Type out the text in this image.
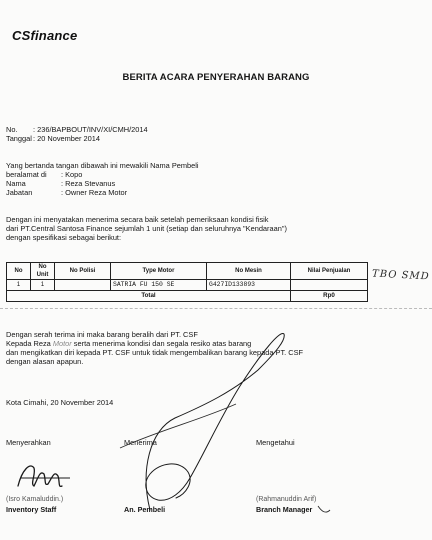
CSfinance
BERITA ACARA PENYERAHAN BARANG
No. : 236/BAPBOUT/INV/XI/CMH/2014
Tanggal : 20 November 2014
Yang bertanda tangan dibawah ini mewakili Nama Pembeli
beralamat di : Kopo
Nama	: Reza Stevanus
Jabatan	: Owner Reza Motor
Dengan ini menyatakan menerima secara baik setelah pemeriksaan kondisi fisik
dari PT.Central Santosa Finance sejumlah 1 unit (setiap dan seluruhnya "Kendaraan")
dengan spesifikasi sebagai berikut:
No	No Unit	No Polisi	Type Motor	No Mesin	Nilai Penjualan
1	1		SATRIA FU 150 SE	G427ID133893	
Total					Rp0
TBO SMD
Dengan serah terima ini maka barang beralih dari PT. CSF
Kepada Reza Motor serta menerima kondisi dan segala resiko atas barang
dan mengikatkan diri kepada PT. CSF untuk tidak mengembalikan barang kepada PT. CSF
dengan alasan apapun.
Kota Cimahi, 20 November 2014
Menyerahkan	Menerima	Mengetahui
(Isro Kamaluddin.)
Inventory Staff	An. Pembeli
(Rahmanuddin Arif)
Branch Manager
